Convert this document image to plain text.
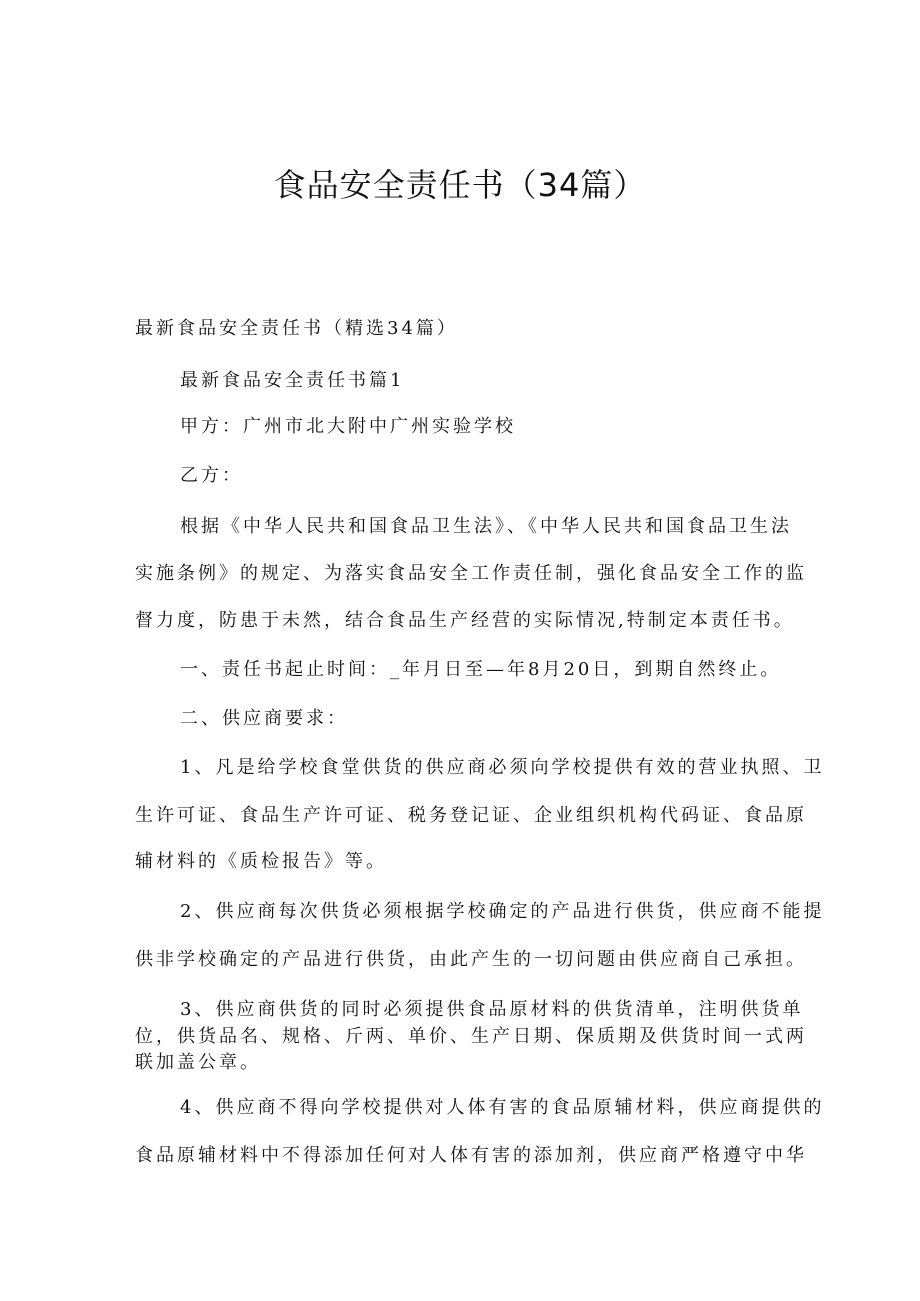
食品安全责任书（34篇）
最新食品安全责任书（精选34篇）
最新食品安全责任书篇1
甲方：广州市北大附中广州实验学校
乙方：
根据《中华人民共和国食品卫生法》、《中华人民共和国食品卫生法
实施条例》的规定、为落实食品安全工作责任制，强化食品安全工作的监
督力度，防患于未然，结合食品生产经营的实际情况,特制定本责任书。
一、责任书起止时间：_年月日至—年8月20日，到期自然终止。
二、供应商要求：
1、凡是给学校食堂供货的供应商必须向学校提供有效的营业执照、卫
生许可证、食品生产许可证、税务登记证、企业组织机构代码证、食品原
辅材料的《质检报告》等。
2、供应商每次供货必须根据学校确定的产品进行供货，供应商不能提
供非学校确定的产品进行供货，由此产生的一切问题由供应商自己承担。
3、供应商供货的同时必须提供食品原材料的供货清单，注明供货单
位，供货品名、规格、斤两、单价、生产日期、保质期及供货时间一式两
联加盖公章。
4、供应商不得向学校提供对人体有害的食品原辅材料，供应商提供的
食品原辅材料中不得添加任何对人体有害的添加剂，供应商严格遵守中华
